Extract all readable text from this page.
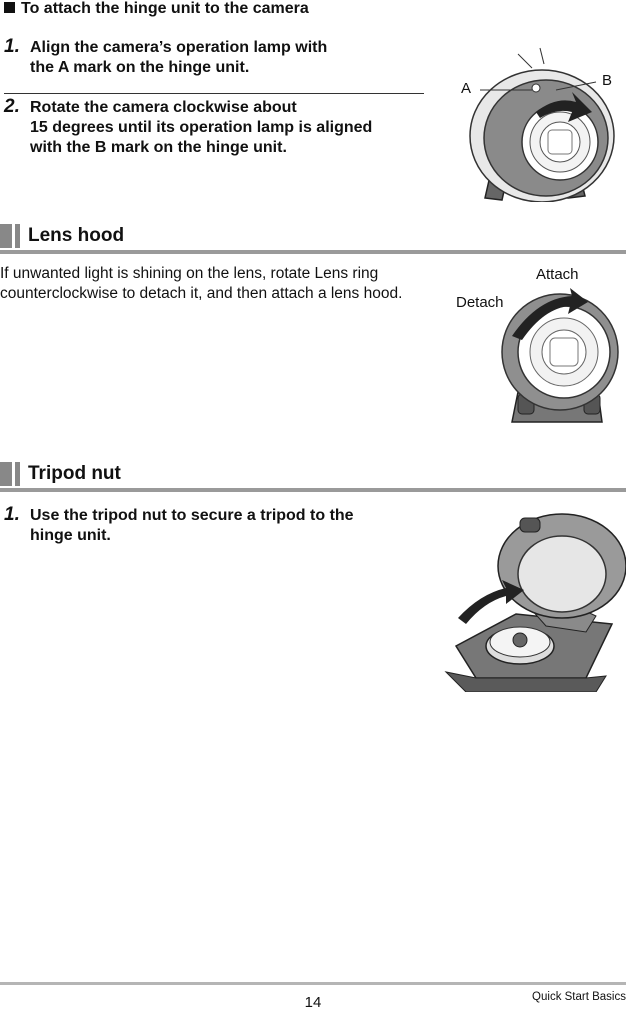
To attach the hinge unit to the camera
1. Align the camera’s operation lamp with
the A mark on the hinge unit.
2. Rotate the camera clockwise about
15 degrees until its operation lamp is aligned
with the B mark on the hinge unit.
A	B
Lens hood
If unwanted light is shining on the lens, rotate Lens ring counterclockwise to detach it, and then attach a lens hood.
Attach
Detach
Tripod nut
1. Use the tripod nut to secure a tripod to the
hinge unit.
14	Quick Start Basics
